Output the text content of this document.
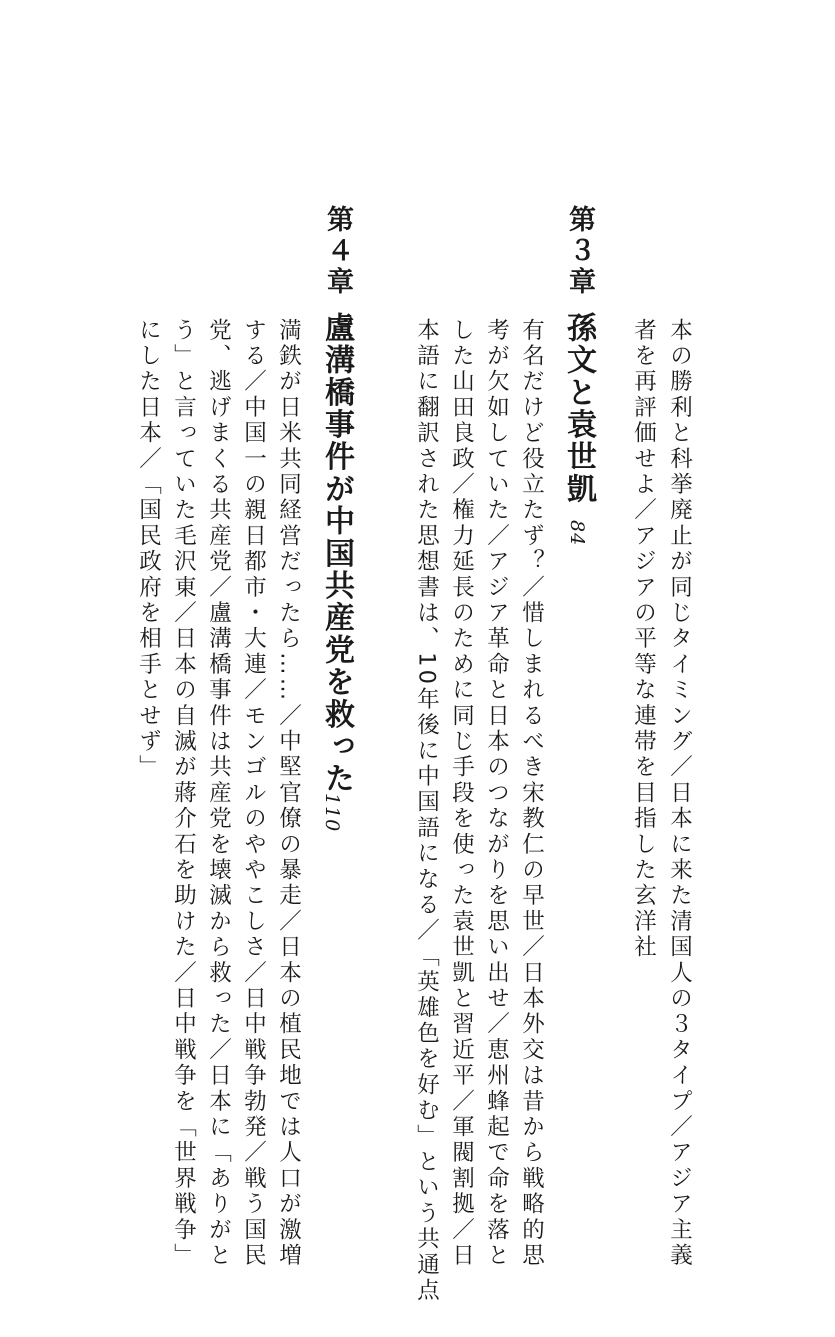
本の勝利と科挙廃止が同じタイミング／日本に来た清国人の３タイプ／アジア主義
者を再評価せよ／アジアの平等な連帯を目指した玄洋社
第３章
孫文と袁世凱
84
有名だけど役立たず？／惜しまれるべき宋教仁の早世／日本外交は昔から戦略的思
考が欠如していた／アジア革命と日本のつながりを思い出せ／恵州蜂起で命を落と
した山田良政／権力延長のために同じ手段を使った袁世凱と習近平／軍閥割拠／日
本語に翻訳された思想書は、10年後に中国語になる／「英雄色を好む」という共通点
第４章
盧溝橋事件が中国共産党を救った
110
満鉄が日米共同経営だったら……／中堅官僚の暴走／日本の植民地では人口が激増
する／中国一の親日都市・大連／モンゴルのややこしさ／日中戦争勃発／戦う国民
党、逃げまくる共産党／盧溝橋事件は共産党を壊滅から救った／日本に「ありがと
う」と言っていた毛沢東／日本の自滅が蔣介石を助けた／日中戦争を「世界戦争」
にした日本／「国民政府を相手とせず」
